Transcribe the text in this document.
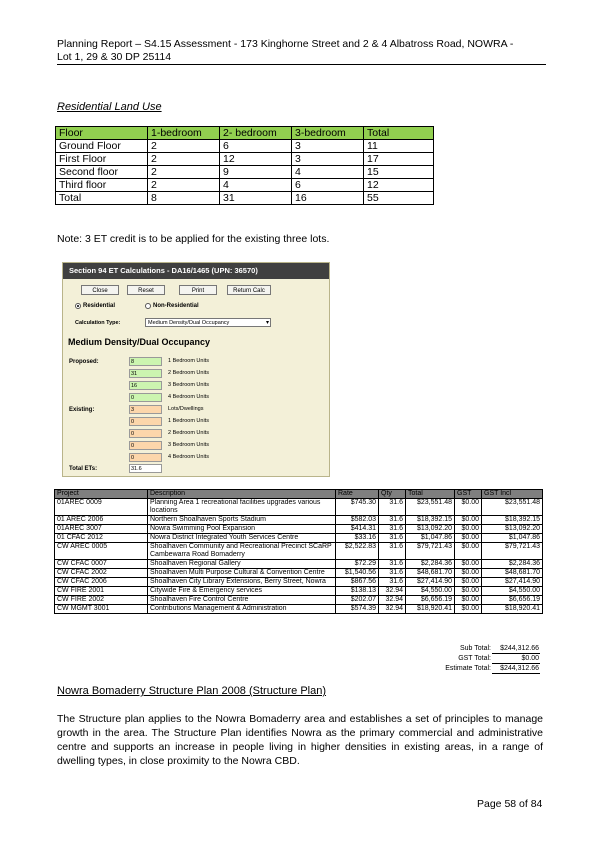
Planning Report – S4.15 Assessment - 173 Kinghorne Street and 2 & 4 Albatross Road, NOWRA -
Lot 1, 29 & 30 DP 25114
Residential Land Use
Floor	1-bedroom	2- bedroom	3-bedroom	Total
Ground Floor	2	6	3	11
First Floor	2	12	3	17
Second floor	2	9	4	15
Third floor	2	4	6	12
Total	8	31	16	55
Note: 3 ET credit is to be applied for the existing three lots.
Section 94 ET Calculations - DA16/1465 (UPN: 36570)
Close	Reset	Print	Return Calc
Residential	Non-Residential
Calculation Type:	Medium Density/Dual Occupancy	▾
Medium Density/Dual Occupancy
Proposed:	8	1 Bedroom Units
31	2 Bedroom Units
16	3 Bedroom Units
0	4 Bedroom Units
Existing:	3	Lots/Dwellings
0	1 Bedroom Units
0	2 Bedroom Units
0	3 Bedroom Units
0	4 Bedroom Units
Total ETs:	31.6
Project	Description	Rate	Qty	Total	GST	GST Incl
01AREC 0009	Planning Area 1 recreational facilities upgrades various locations	$745.30	31.6	$23,551.48	$0.00	$23,551.48
01 AREC 2006	Northern Shoalhaven Sports Stadium	$582.03	31.6	$18,392.15	$0.00	$18,392.15
01AREC 3007	Nowra Swimming Pool Expansion	$414.31	31.6	$13,092.20	$0.00	$13,092.20
01 CFAC 2012	Nowra District Integrated Youth Services Centre	$33.16	31.6	$1,047.86	$0.00	$1,047.86
CW AREC 0005	Shoalhaven Community and Recreational Precinct SCaRP Cambewarra Road Bomaderry	$2,522.83	31.6	$79,721.43	$0.00	$79,721.43
CW CFAC 0007	Shoalhaven Regional Gallery	$72.29	31.6	$2,284.36	$0.00	$2,284.36
CW CFAC 2002	Shoalhaven Multi Purpose Cultural & Convention Centre	$1,540.56	31.6	$48,681.70	$0.00	$48,681.70
CW CFAC 2006	Shoalhaven City Library Extensions, Berry Street, Nowra	$867.56	31.6	$27,414.90	$0.00	$27,414.90
CW FIRE 2001	Citywide Fire & Emergency services	$138.13	32.94	$4,550.00	$0.00	$4,550.00
CW FIRE 2002	Shoalhaven Fire Control Centre	$202.07	32.94	$6,656.19	$0.00	$6,656.19
CW MGMT 3001	Contributions Management & Administration	$574.39	32.94	$18,920.41	$0.00	$18,920.41
Sub Total:	$244,312.66
GST Total:	$0.00
Estimate Total:	$244,312.66
Nowra Bomaderry Structure Plan 2008 (Structure Plan)
The Structure plan applies to the Nowra Bomaderry area and establishes a set of principles to manage growth in the area. The Structure Plan identifies Nowra as the primary commercial and administrative centre and supports an increase in people living in higher densities in existing areas, in a range of dwelling types, in close proximity to the Nowra CBD.
Page 58 of 84
